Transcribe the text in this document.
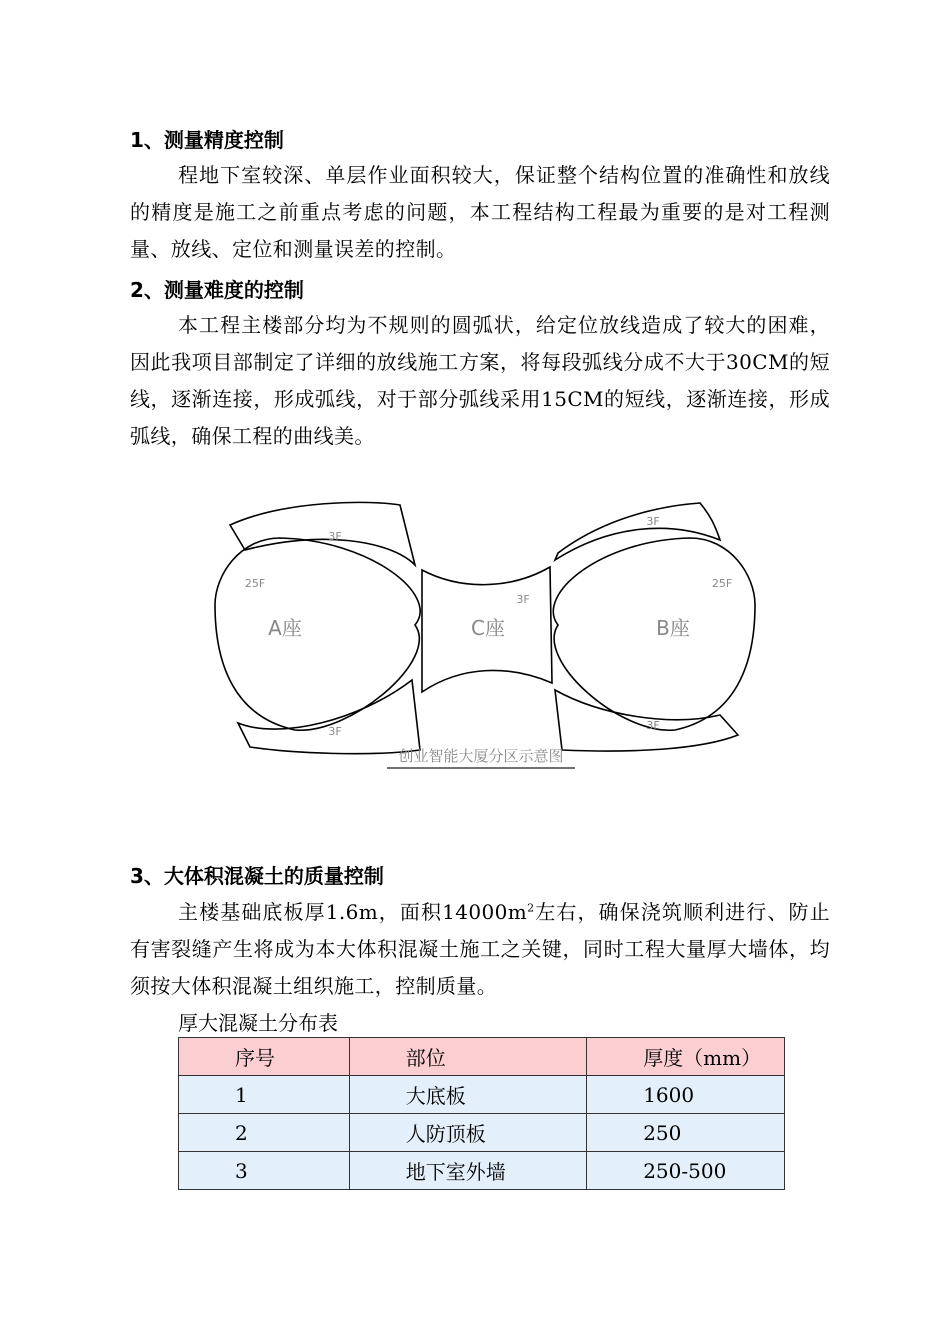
1、测量精度控制
程地下室较深、单层作业面积较大，保证整个结构位置的准确性和放线的精度是施工之前重点考虑的问题，本工程结构工程最为重要的是对工程测量、放线、定位和测量误差的控制。
2、测量难度的控制
本工程主楼部分均为不规则的圆弧状，给定位放线造成了较大的困难，因此我项目部制定了详细的放线施工方案，将每段弧线分成不大于30CM的短线，逐渐连接，形成弧线，对于部分弧线采用15CM的短线，逐渐连接，形成弧线，确保工程的曲线美。
A座	C座	B座
25F	25F
3F
3F
3F
3F
3F
创业智能大厦分区示意图
3、大体积混凝土的质量控制
主楼基础底板厚1.6m，面积$14000m^2$左右，确保浇筑顺利进行、防止有害裂缝产生将成为本大体积混凝土施工之关键，同时工程大量厚大墙体，均须按大体积混凝土组织施工，控制质量。
厚大混凝土分布表
序号	部位	厚度（mm）
1	大底板	1600
2	人防顶板	250
3	地下室外墙	250-500
